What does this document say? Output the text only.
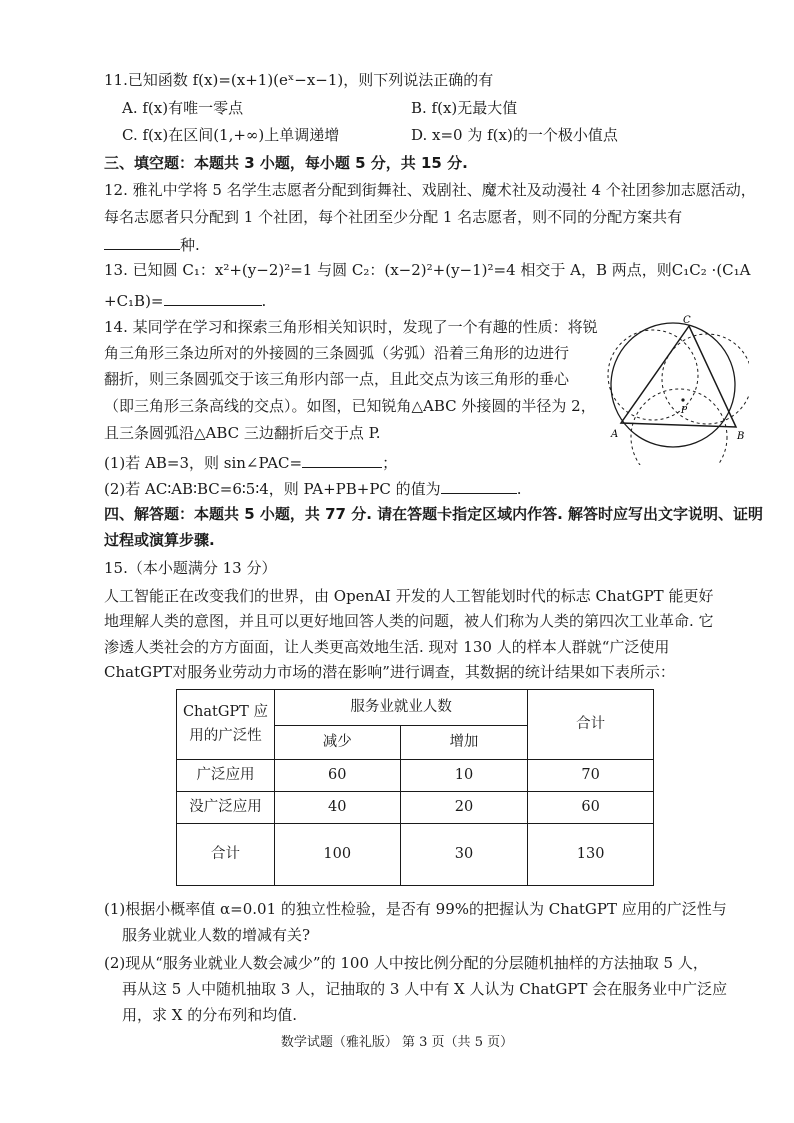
11.已知函数 f(x)=(x+1)(eˣ−x−1)，则下列说法正确的有
A. f(x)有唯一零点	B. f(x)无最大值
C. f(x)在区间(1,+∞)上单调递增	D. x=0 为 f(x)的一个极小值点
三、填空题：本题共 3 小题，每小题 5 分，共 15 分.
12. 雅礼中学将 5 名学生志愿者分配到街舞社、戏剧社、魔术社及动漫社 4 个社团参加志愿活动，
每名志愿者只分配到 1 个社团，每个社团至少分配 1 名志愿者，则不同的分配方案共有
种.
13. 已知圆 C₁：x²+(y−2)²=1 与圆 C₂：(x−2)²+(y−1)²=4 相交于 A，B 两点，则C₁C₂ ·(C₁A
+C₁B)=	.
14. 某同学在学习和探索三角形相关知识时，发现了一个有趣的性质：将锐
角三角形三条边所对的外接圆的三条圆弧（劣弧）沿着三角形的边进行
翻折，则三条圆弧交于该三角形内部一点，且此交点为该三角形的垂心
（即三角形三条高线的交点）。如图，已知锐角△ABC 外接圆的半径为 2，
且三条圆弧沿△ABC 三边翻折后交于点 P.
(1)若 AB=3，则 sin∠PAC=	；
(2)若 AC∶AB∶BC=6∶5∶4，则 PA+PB+PC 的值为	.
C
A	B
P
四、解答题：本题共 5 小题，共 77 分. 请在答题卡指定区域内作答. 解答时应写出文字说明、证明
过程或演算步骤.
15.（本小题满分 13 分）
人工智能正在改变我们的世界，由 OpenAI 开发的人工智能划时代的标志 ChatGPT 能更好
地理解人类的意图，并且可以更好地回答人类的问题，被人们称为人类的第四次工业革命. 它
渗透人类社会的方方面面，让人类更高效地生活. 现对 130 人的样本人群就“广泛使用
ChatGPT对服务业劳动力市场的潜在影响”进行调查，其数据的统计结果如下表所示：
ChatGPT 应
用的广泛性	服务业就业人数		合计
	减少	增加	
广泛应用	60	10	70
没广泛应用	40	20	60
合计	100	30	130
(1)根据小概率值 α=0.01 的独立性检验，是否有 99%的把握认为 ChatGPT 应用的广泛性与
服务业就业人数的增减有关?
(2)现从“服务业就业人数会减少”的 100 人中按比例分配的分层随机抽样的方法抽取 5 人，
再从这 5 人中随机抽取 3 人，记抽取的 3 人中有 X 人认为 ChatGPT 会在服务业中广泛应
用，求 X 的分布列和均值.
数学试题（雅礼版） 第 3 页（共 5 页）
